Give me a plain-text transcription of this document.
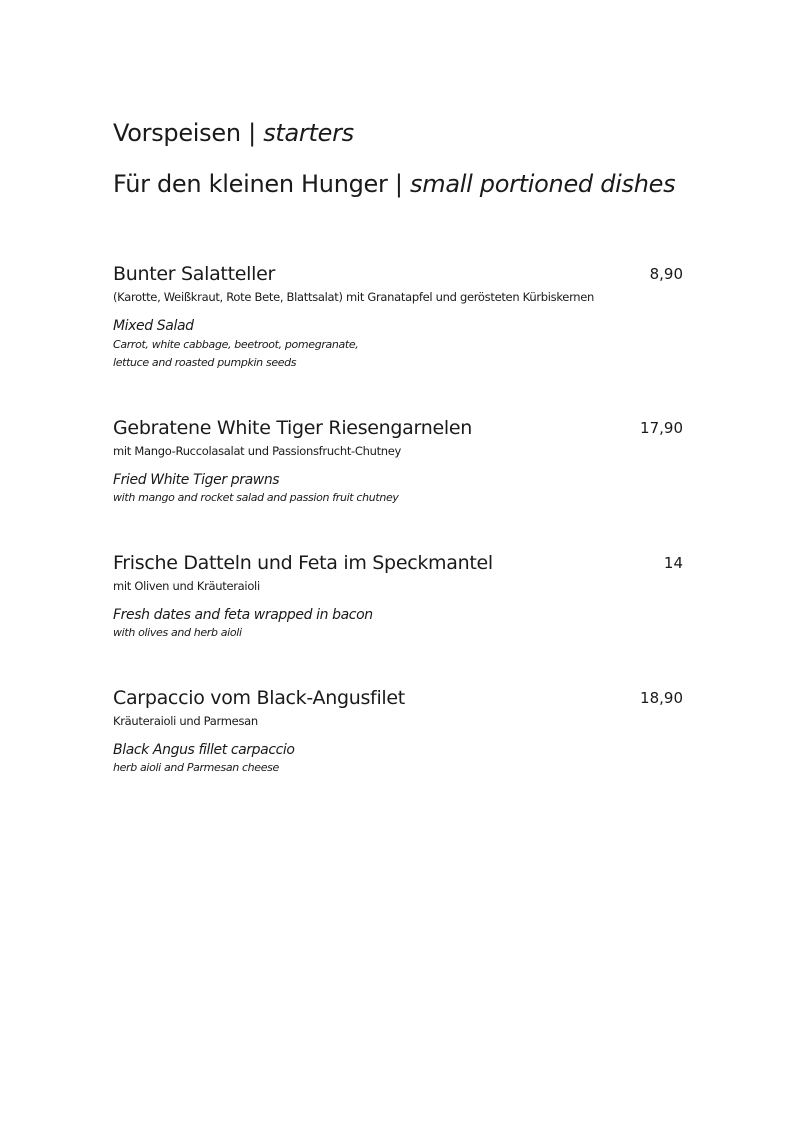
Vorspeisen | starters
Für den kleinen Hunger | small portioned dishes
Bunter Salatteller	8,90
(Karotte, Weißkraut, Rote Bete, Blattsalat) mit Granatapfel und gerösteten Kürbiskernen
Mixed Salad
Carrot, white cabbage, beetroot, pomegranate,
lettuce and roasted pumpkin seeds
Gebratene White Tiger Riesengarnelen	17,90
mit Mango-Ruccolasalat und Passionsfrucht-Chutney
Fried White Tiger prawns
with mango and rocket salad and passion fruit chutney
Frische Datteln und Feta im Speckmantel	14
mit Oliven und Kräuteraioli
Fresh dates and feta wrapped in bacon
with olives and herb aioli
Carpaccio vom Black-Angusfilet	18,90
Kräuteraioli und Parmesan
Black Angus fillet carpaccio
herb aioli and Parmesan cheese
